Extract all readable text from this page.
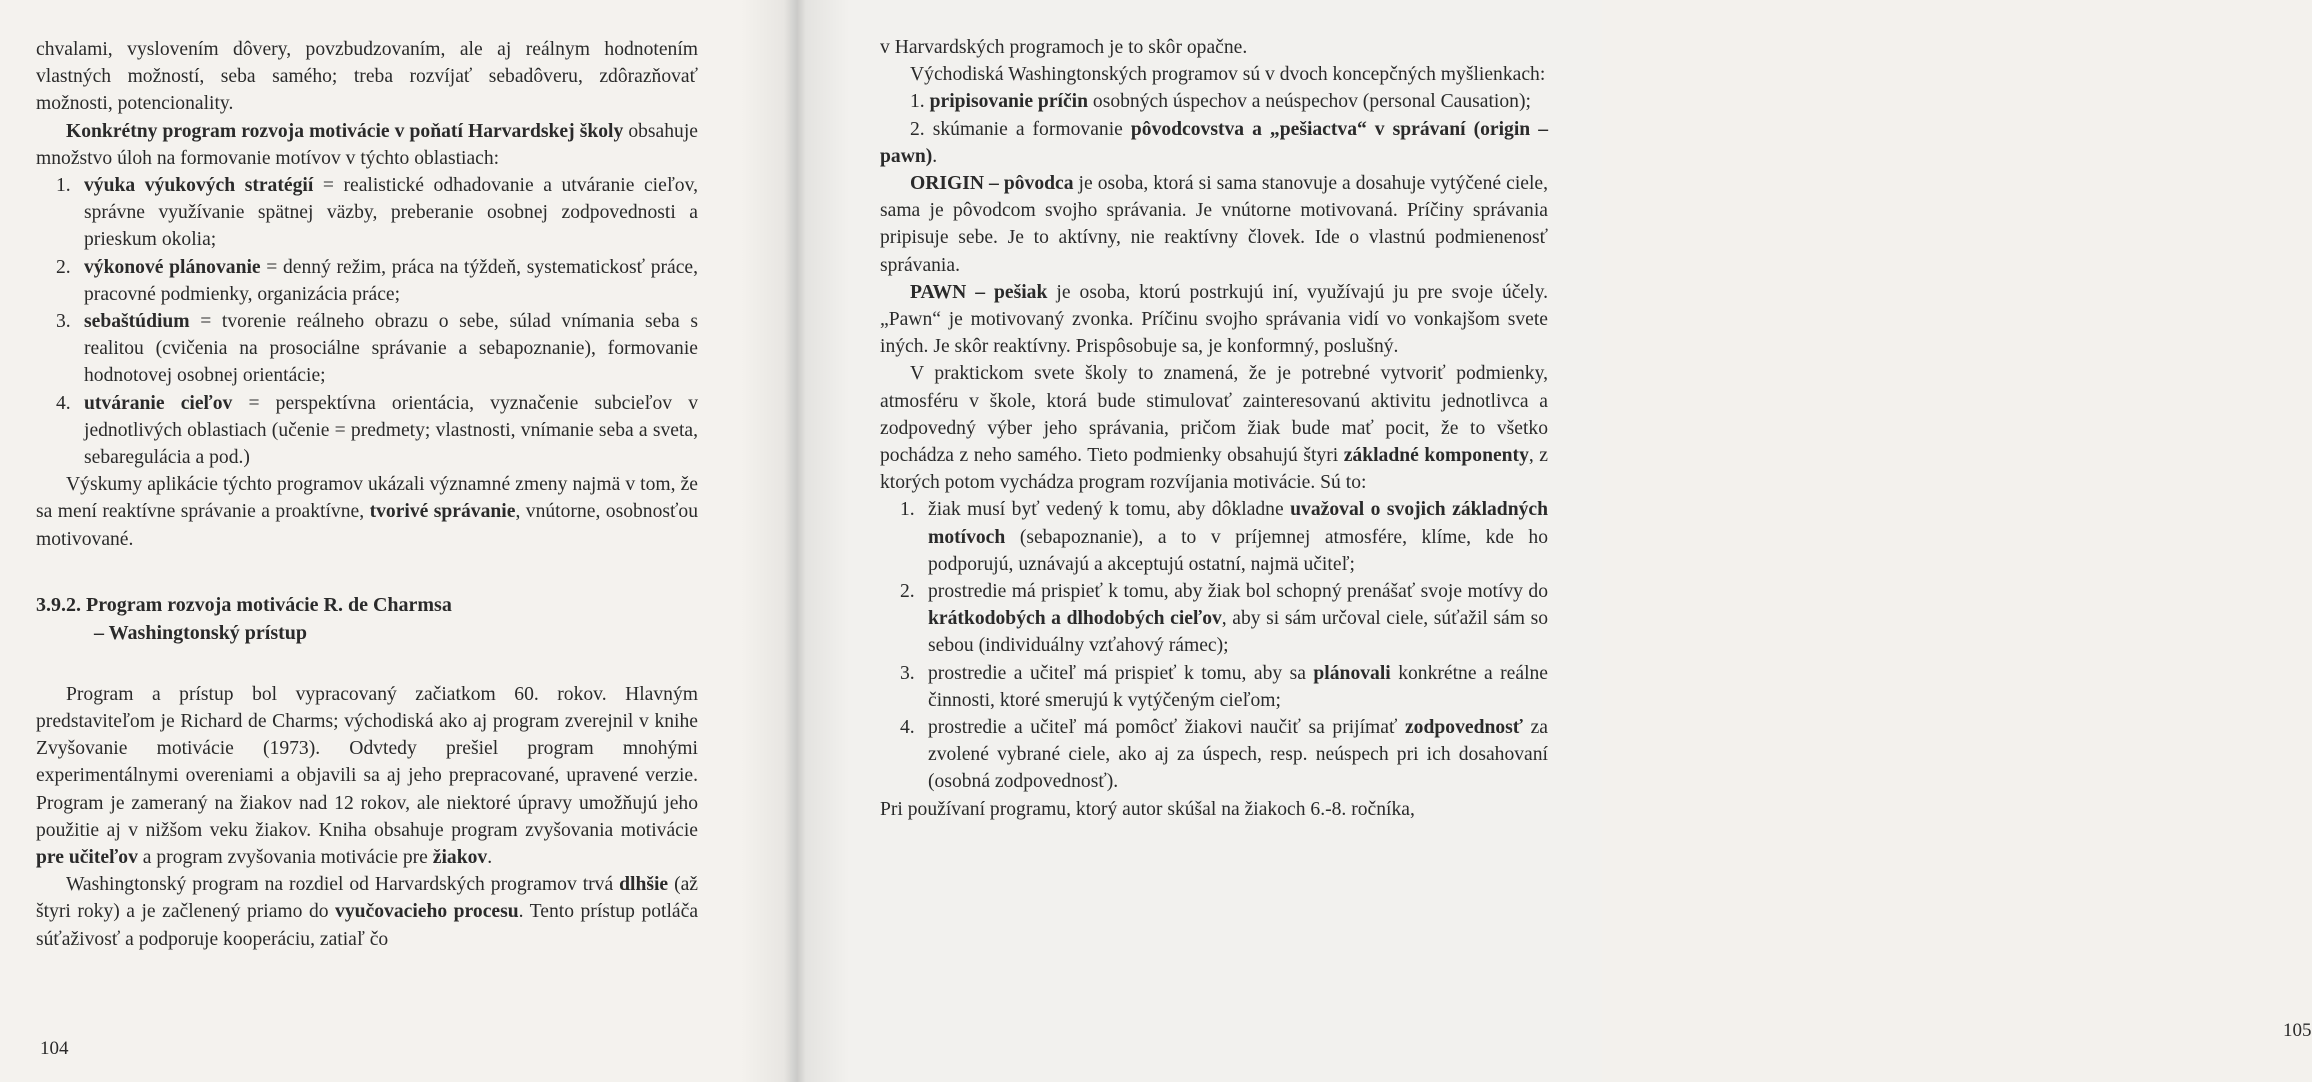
chvalami, vyslovením dôvery, povzbudzovaním, ale aj reálnym hodnotením vlastných možností, seba samého; treba rozvíjať sebadôveru, zdôrazňovať možnosti, potencionality.

Konkrétny program rozvoja motivácie v poňatí Harvardskej školy obsahuje množstvo úloh na formovanie motívov v týchto oblastiach:

1. výuka výukových stratégií = realistické odhadovanie a utváranie cieľov, správne využívanie spätnej väzby, preberanie osobnej zodpovednosti a prieskum okolia;
2. výkonové plánovanie = denný režim, práca na týždeň, systematickosť práce, pracovné podmienky, organizácia práce;
3. sebaštúdium = tvorenie reálneho obrazu o sebe, súlad vnímania seba s realitou (cvičenia na prosociálne správanie a sebapoznanie), formovanie hodnotovej osobnej orientácie;
4. utváranie cieľov = perspektívna orientácia, vyznačenie subcieľov v jednotlivých oblastiach (učenie = predmety; vlastnosti, vnímanie seba a sveta, sebaregulácia a pod.)

Výskumy aplikácie týchto programov ukázali významné zmeny najmä v tom, že sa mení reaktívne správanie a proaktívne, tvorivé správanie, vnútorne, osobnosťou motivované.

3.9.2. Program rozvoja motivácie R. de Charmsa
– Washingtonský prístup

Program a prístup bol vypracovaný začiatkom 60. rokov. Hlavným predstaviteľom je Richard de Charms; východiská ako aj program zverejnil v knihe Zvyšovanie motivácie (1973). Odvtedy prešiel program mnohými experimentálnymi overeniami a objavili sa aj jeho prepracované, upravené verzie. Program je zameraný na žiakov nad 12 rokov, ale niektoré úpravy umožňujú jeho použitie aj v nižšom veku žiakov. Kniha obsahuje program zvyšovania motivácie pre učiteľov a program zvyšovania motivácie pre žiakov.

Washingtonský program na rozdiel od Harvardských programov trvá dlhšie (až štyri roky) a je začlenený priamo do vyučovacieho procesu. Tento prístup potláča súťaživosť a podporuje kooperáciu, zatiaľ čo

104

v Harvardských programoch je to skôr opačne.

Východiská Washingtonských programov sú v dvoch koncepčných myšlienkach:

1. pripisovanie príčin osobných úspechov a neúspechov (personal Causation);

2. skúmanie a formovanie pôvodcovstva a „pešiactva“ v správaní (origin – pawn).

ORIGIN – pôvodca je osoba, ktorá si sama stanovuje a dosahuje vytýčené ciele, sama je pôvodcom svojho správania. Je vnútorne motivovaná. Príčiny správania pripisuje sebe. Je to aktívny, nie reaktívny človek. Ide o vlastnú podmienenosť správania.

PAWN – pešiak je osoba, ktorú postrkujú iní, využívajú ju pre svoje účely. „Pawn“ je motivovaný zvonka. Príčinu svojho správania vidí vo vonkajšom svete iných. Je skôr reaktívny. Prispôsobuje sa, je konformný, poslušný.

V praktickom svete školy to znamená, že je potrebné vytvoriť podmienky, atmosféru v škole, ktorá bude stimulovať zainteresovanú aktivitu jednotlivca a zodpovedný výber jeho správania, pričom žiak bude mať pocit, že to všetko pochádza z neho samého. Tieto podmienky obsahujú štyri základné komponenty, z ktorých potom vychádza program rozvíjania motivácie. Sú to:

1. žiak musí byť vedený k tomu, aby dôkladne uvažoval o svojich základných motívoch (sebapoznanie), a to v príjemnej atmosfére, klíme, kde ho podporujú, uznávajú a akceptujú ostatní, najmä učiteľ;
2. prostredie má prispieť k tomu, aby žiak bol schopný prenášať svoje motívy do krátkodobých a dlhodobých cieľov, aby si sám určoval ciele, súťažil sám so sebou (individuálny vzťahový rámec);
3. prostredie a učiteľ má prispieť k tomu, aby sa plánovali konkrétne a reálne činnosti, ktoré smerujú k vytýčeným cieľom;
4. prostredie a učiteľ má pomôcť žiakovi naučiť sa prijímať zodpovednosť za zvolené vybrané ciele, ako aj za úspech, resp. neúspech pri ich dosahovaní (osobná zodpovednosť).

Pri používaní programu, ktorý autor skúšal na žiakoch 6.-8. ročníka,

105
